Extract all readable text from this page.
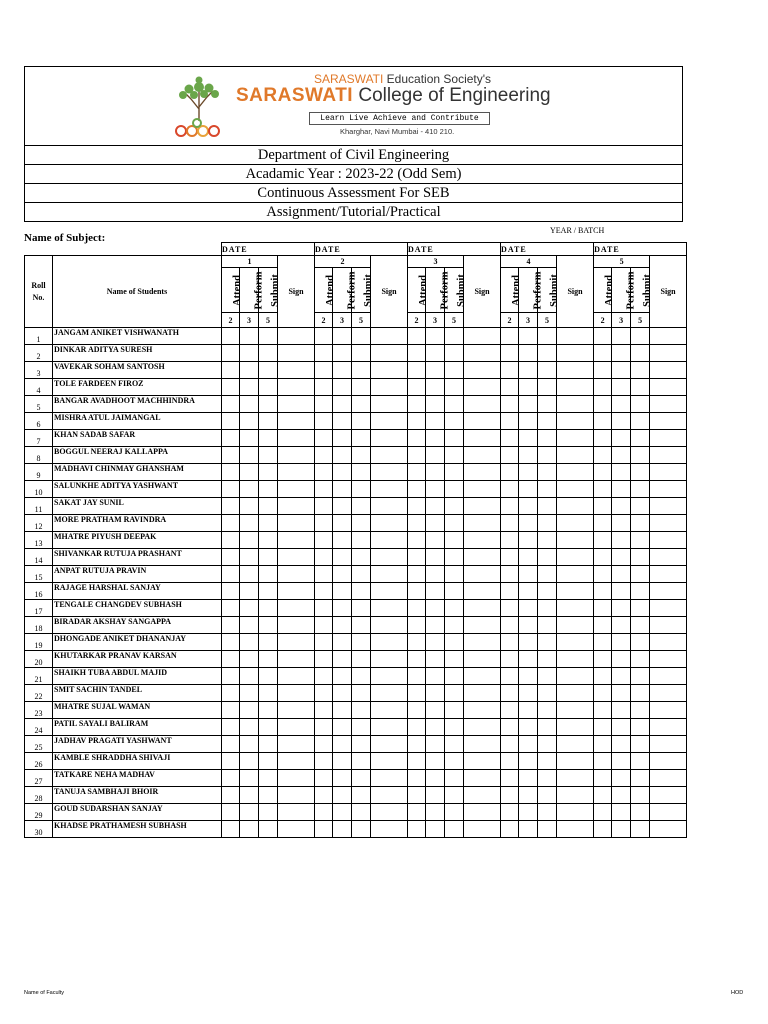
SARASWATI Education Society's
SARASWATI College of Engineering
Learn Live Achieve and Contribute
Kharghar, Navi Mumbai - 410 210.
Department of Civil Engineering
Acadamic Year : 2023-22 (Odd Sem)
Continuous Assessment For SEB
Assignment/Tutorial/Practical
YEAR / BATCH
Name of Subject:
		DATE				DATE				DATE				DATE				DATE			
Roll No.	Name of Students	1			Sign	2			Sign	3			Sign	4			Sign	5			Sign
		Attend	Perform	Submit		Attend	Perform	Submit		Attend	Perform	Submit		Attend	Perform	Submit		Attend	Perform	Submit	
		2	3	5		2	3	5		2	3	5		2	3	5		2	3	5	
1	JANGAM ANIKET VISHWANATH																				
2	DINKAR ADITYA SURESH																				
3	VAVEKAR SOHAM SANTOSH																				
4	TOLE FARDEEN FIROZ																				
5	BANGAR AVADHOOT MACHHINDRA																				
6	MISHRA ATUL JAIMANGAL																				
7	KHAN SADAB SAFAR																				
8	BOGGUL NEERAJ KALLAPPA																				
9	MADHAVI CHINMAY GHANSHAM																				
10	SALUNKHE ADITYA YASHWANT																				
11	SAKAT JAY SUNIL																				
12	MORE PRATHAM RAVINDRA																				
13	MHATRE PIYUSH DEEPAK																				
14	SHIVANKAR RUTUJA PRASHANT																				
15	ANPAT RUTUJA PRAVIN																				
16	RAJAGE HARSHAL SANJAY																				
17	TENGALE CHANGDEV SUBHASH																				
18	BIRADAR AKSHAY SANGAPPA																				
19	DHONGADE ANIKET DHANANJAY																				
20	KHUTARKAR PRANAV KARSAN																				
21	SHAIKH TUBA ABDUL MAJID																				
22	SMIT SACHIN TANDEL																				
23	MHATRE SUJAL WAMAN																				
24	PATIL SAYALI BALIRAM																				
25	JADHAV PRAGATI YASHWANT																				
26	KAMBLE SHRADDHA SHIVAJI																				
27	TATKARE NEHA MADHAV																				
28	TANUJA SAMBHAJI BHOIR																				
29	GOUD SUDARSHAN SANJAY																				
30	KHADSE PRATHAMESH SUBHASH																				
Name of Faculty	HOD
